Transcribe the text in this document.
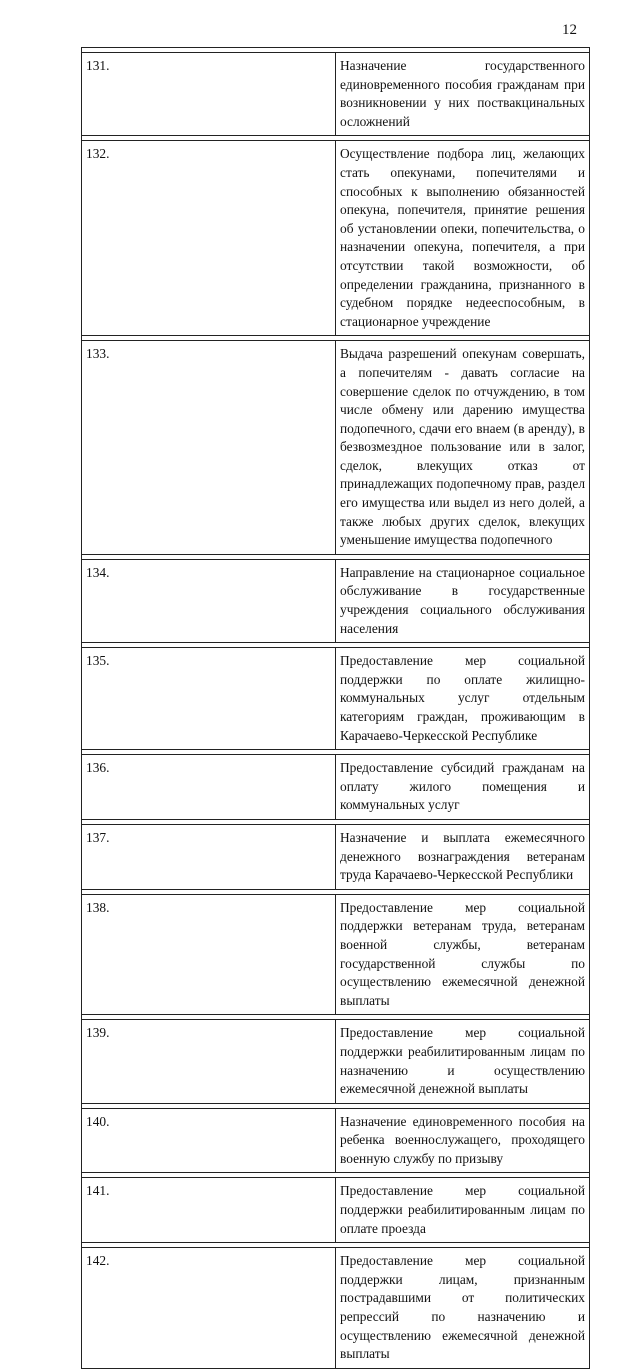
12

131.	Назначение государственного единовременного пособия гражданам при возникновении у них поствакцинальных осложнений

132.	Осуществление подбора лиц, желающих стать опекунами, попечителями и способных к выполнению обязанностей опекуна, попечителя, принятие решения об установлении опеки, попечительства, о назначении опекуна, попечителя, а при отсутствии такой возможности, об определении гражданина, признанного в судебном порядке недееспособным, в стационарное учреждение

133.	Выдача разрешений опекунам совершать, а попечителям - давать согласие на совершение сделок по отчуждению, в том числе обмену или дарению имущества подопечного, сдачи его внаем (в аренду), в безвозмездное пользование или в залог, сделок, влекущих отказ от принадлежащих подопечному прав, раздел его имущества или выдел из него долей, а также любых других сделок, влекущих уменьшение имущества подопечного

134.	Направление на стационарное социальное обслуживание в государственные учреждения социального обслуживания населения

135.	Предоставление мер социальной поддержки по оплате жилищно-коммунальных услуг отдельным категориям граждан, проживающим в Карачаево-Черкесской Республике

136.	Предоставление субсидий гражданам на оплату жилого помещения и коммунальных услуг

137.	Назначение и выплата ежемесячного денежного вознаграждения ветеранам труда Карачаево-Черкесской Республики

138.	Предоставление мер социальной поддержки ветеранам труда, ветеранам военной службы, ветеранам государственной службы по осуществлению ежемесячной денежной выплаты

139.	Предоставление мер социальной поддержки реабилитированным лицам по назначению и осуществлению ежемесячной денежной выплаты

140.	Назначение единовременного пособия на ребенка военнослужащего, проходящего военную службу по призыву

141.	Предоставление мер социальной поддержки реабилитированным лицам по оплате проезда

142.	Предоставление мер социальной поддержки лицам, признанным пострадавшими от политических репрессий по назначению и осуществлению ежемесячной денежной выплаты
